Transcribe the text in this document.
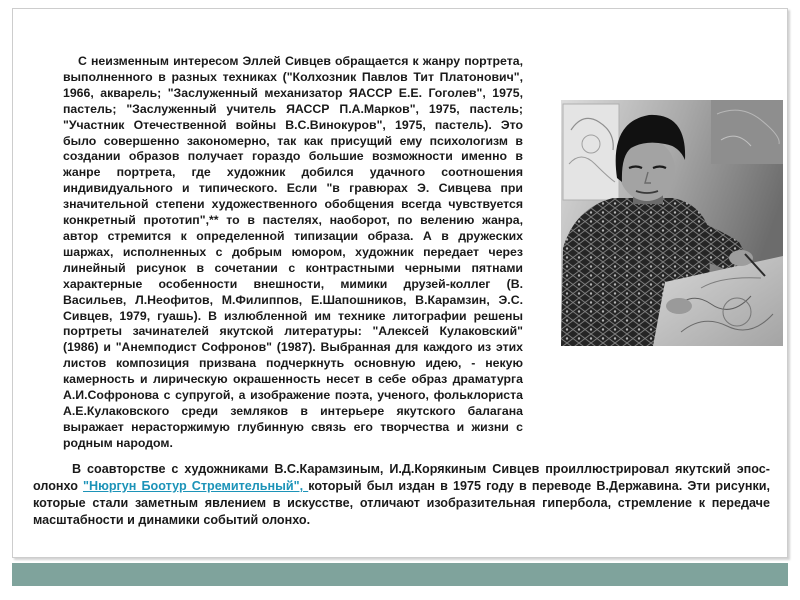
С неизменным интересом Эллей Сивцев обращается к жанру портрета, выполненного в разных техниках ("Колхозник Павлов Тит Платонович", 1966, акварель; "Заслуженный механизатор ЯАССР Е.Е. Гоголев", 1975, пастель; "Заслуженный учитель ЯАССР П.А.Марков", 1975, пастель; "Участник Отечественной войны В.С.Винокуров", 1975, пастель). Это было совершенно закономерно, так как присущий ему психологизм в создании образов получает гораздо большие возможности именно в жанре портрета, где художник добился удачного соотношения индивидуального и типического. Если "в гравюрах Э. Сивцева при значительной степени художественного обобщения всегда чувствуется конкретный прототип",** то в пастелях, наоборот, по велению жанра, автор стремится к определенной типизации образа. А в дружеских шаржах, исполненных с добрым юмором, художник передает через линейный рисунок в сочетании с контрастными черными пятнами характерные особенности внешности, мимики друзей-коллег (В. Васильев, Л.Неофитов, М.Филиппов, Е.Шапошников, В.Карамзин, Э.С. Сивцев, 1979, гуашь). В излюбленной им технике литографии решены портреты зачинателей якутской литературы: "Алексей Кулаковский" (1986) и "Анемподист Софронов" (1987). Выбранная для каждого из этих листов композиция призвана подчеркнуть основную идею, - некую камерность и лирическую окрашенность несет в себе образ драматурга А.И.Софронова с супругой, а изображение поэта, ученого, фольклориста А.Е.Кулаковского среди земляков в интерьере якутского балагана выражает нерасторжимую глубинную связь его творчества и жизни с родным народом.

В соавторстве с художниками В.С.Карамзиным, И.Д.Корякиным Сивцев проиллюстрировал якутский эпос-олонхо "Нюргун Боотур Стремительный", который был издан в 1975 году в переводе В.Державина. Эти рисунки, которые стали заметным явлением в искусстве, отличают изобразительная гипербола, стремление к передаче масштабности и динамики событий олонхо.
